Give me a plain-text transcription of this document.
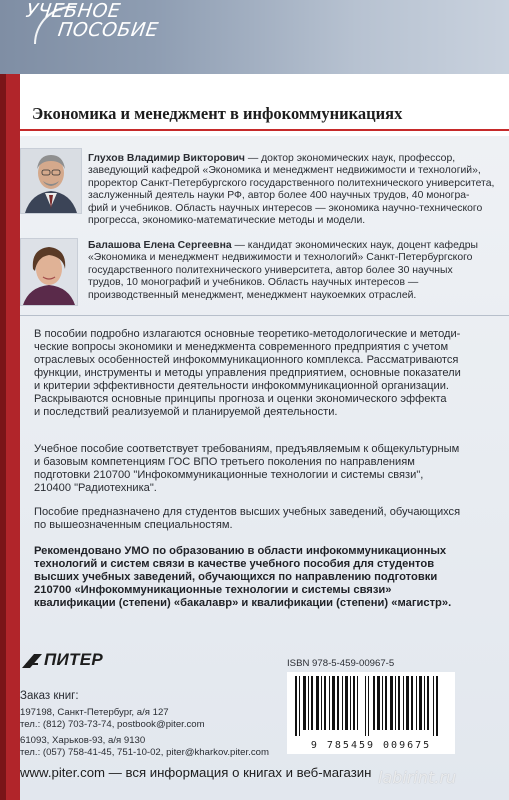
УЧЕБНОЕ
ПОСОБИЕ
Экономика и менеджмент в инфокоммуникациях
Глухов Владимир Викторович — доктор экономических наук, профессор,
заведующий кафедрой «Экономика и менеджмент недвижимости и технологий»,
проректор Санкт-Петербургского государственного политехнического университета,
заслуженный деятель науки РФ, автор более 400 научных трудов, 40 моногра-
фий и учебников. Область научных интересов — экономика научно-технического
прогресса, экономико-математические методы и модели.
Балашова Елена Сергеевна — кандидат экономических наук, доцент кафедры
«Экономика и менеджмент недвижимости и технологий» Санкт-Петербургского
государственного политехнического университета, автор более 30 научных
трудов, 10 монографий и учебников. Область научных интересов —
производственный менеджмент, менеджмент наукоемких отраслей.
В пособии подробно излагаются основные теоретико-методологические и методи-
ческие вопросы экономики и менеджмента современного предприятия с учетом
отраслевых особенностей инфокоммуникационного комплекса. Рассматриваются
функции, инструменты и методы управления предприятием, основные показатели
и критерии эффективности деятельности инфокоммуникационной организации.
Раскрываются основные принципы прогноза и оценки экономического эффекта
и последствий реализуемой и планируемой деятельности.
Учебное пособие соответствует требованиям, предъявляемым к общекультурным
и базовым компетенциям ГОС ВПО третьего поколения по направлениям
подготовки 210700 "Инфокоммуникационные технологии и системы связи",
210400 "Радиотехника".
Пособие предназначено для студентов высших учебных заведений, обучающихся
по вышеозначенным специальностям.
Рекомендовано УМО по образованию в области инфокоммуникационных
технологий и систем связи в качестве учебного пособия для студентов
высших учебных заведений, обучающихся по направлению подготовки
210700 «Инфокоммуникационные технологии и системы связи»
квалификации (степени) «бакалавр» и квалификации (степени) «магистр».
ПИТЕР
Заказ книг:
197198, Санкт-Петербург, а/я 127
тел.: (812) 703-73-74, postbook@piter.com
61093, Харьков-93, а/я 9130
тел.: (057) 758-41-45, 751-10-02, piter@kharkov.piter.com
www.piter.com — вся информация о книгах и веб-магазин
ISBN 978-5-459-00967-5
9 785459 009675
labirint.ru
